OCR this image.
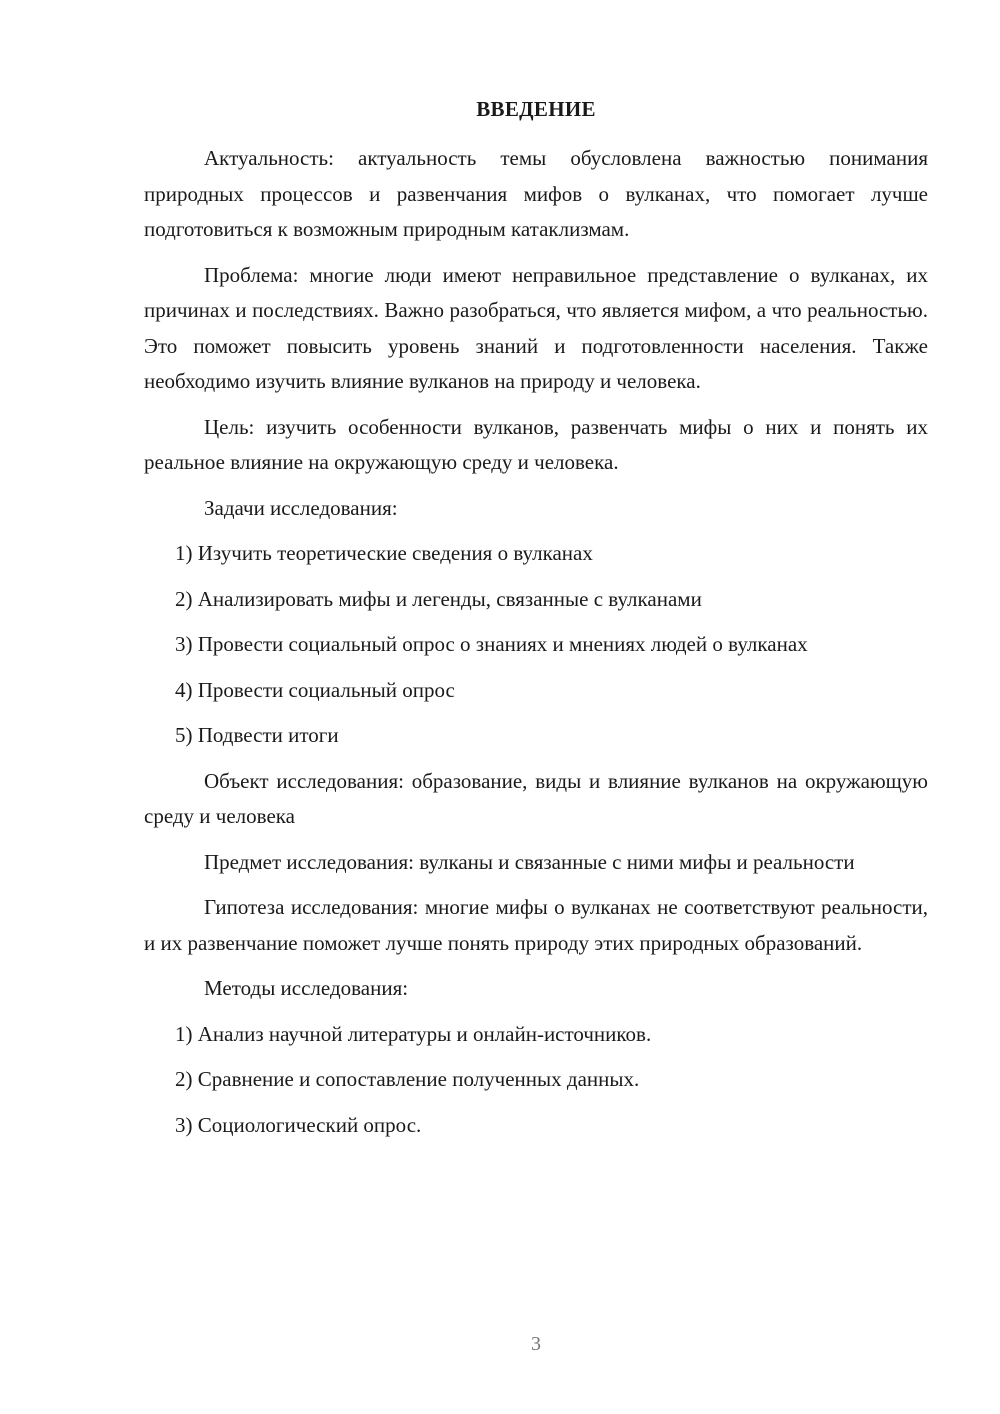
ВВЕДЕНИЕ

Актуальность: актуальность темы обусловлена важностью понимания природных процессов и развенчания мифов о вулканах, что помогает лучше подготовиться к возможным природным катаклизмам.

Проблема: многие люди имеют неправильное представление о вулканах, их причинах и последствиях. Важно разобраться, что является мифом, а что реальностью. Это поможет повысить уровень знаний и подготовленности населения. Также необходимо изучить влияние вулканов на природу и человека.

Цель: изучить особенности вулканов, развенчать мифы о них и понять их реальное влияние на окружающую среду и человека.

Задачи исследования:

1) Изучить теоретические сведения о вулканах
2) Анализировать мифы и легенды, связанные с вулканами
3) Провести социальный опрос о знаниях и мнениях людей о вулканах
4) Провести социальный опрос
5) Подвести итоги

Объект исследования: образование, виды и влияние вулканов на окружающую среду и человека

Предмет исследования: вулканы и связанные с ними мифы и реальности

Гипотеза исследования: многие мифы о вулканах не соответствуют реальности, и их развенчание поможет лучше понять природу этих природных образований.

Методы исследования:

1) Анализ научной литературы и онлайн-источников.
2) Сравнение и сопоставление полученных данных.
3) Социологический опрос.
3
